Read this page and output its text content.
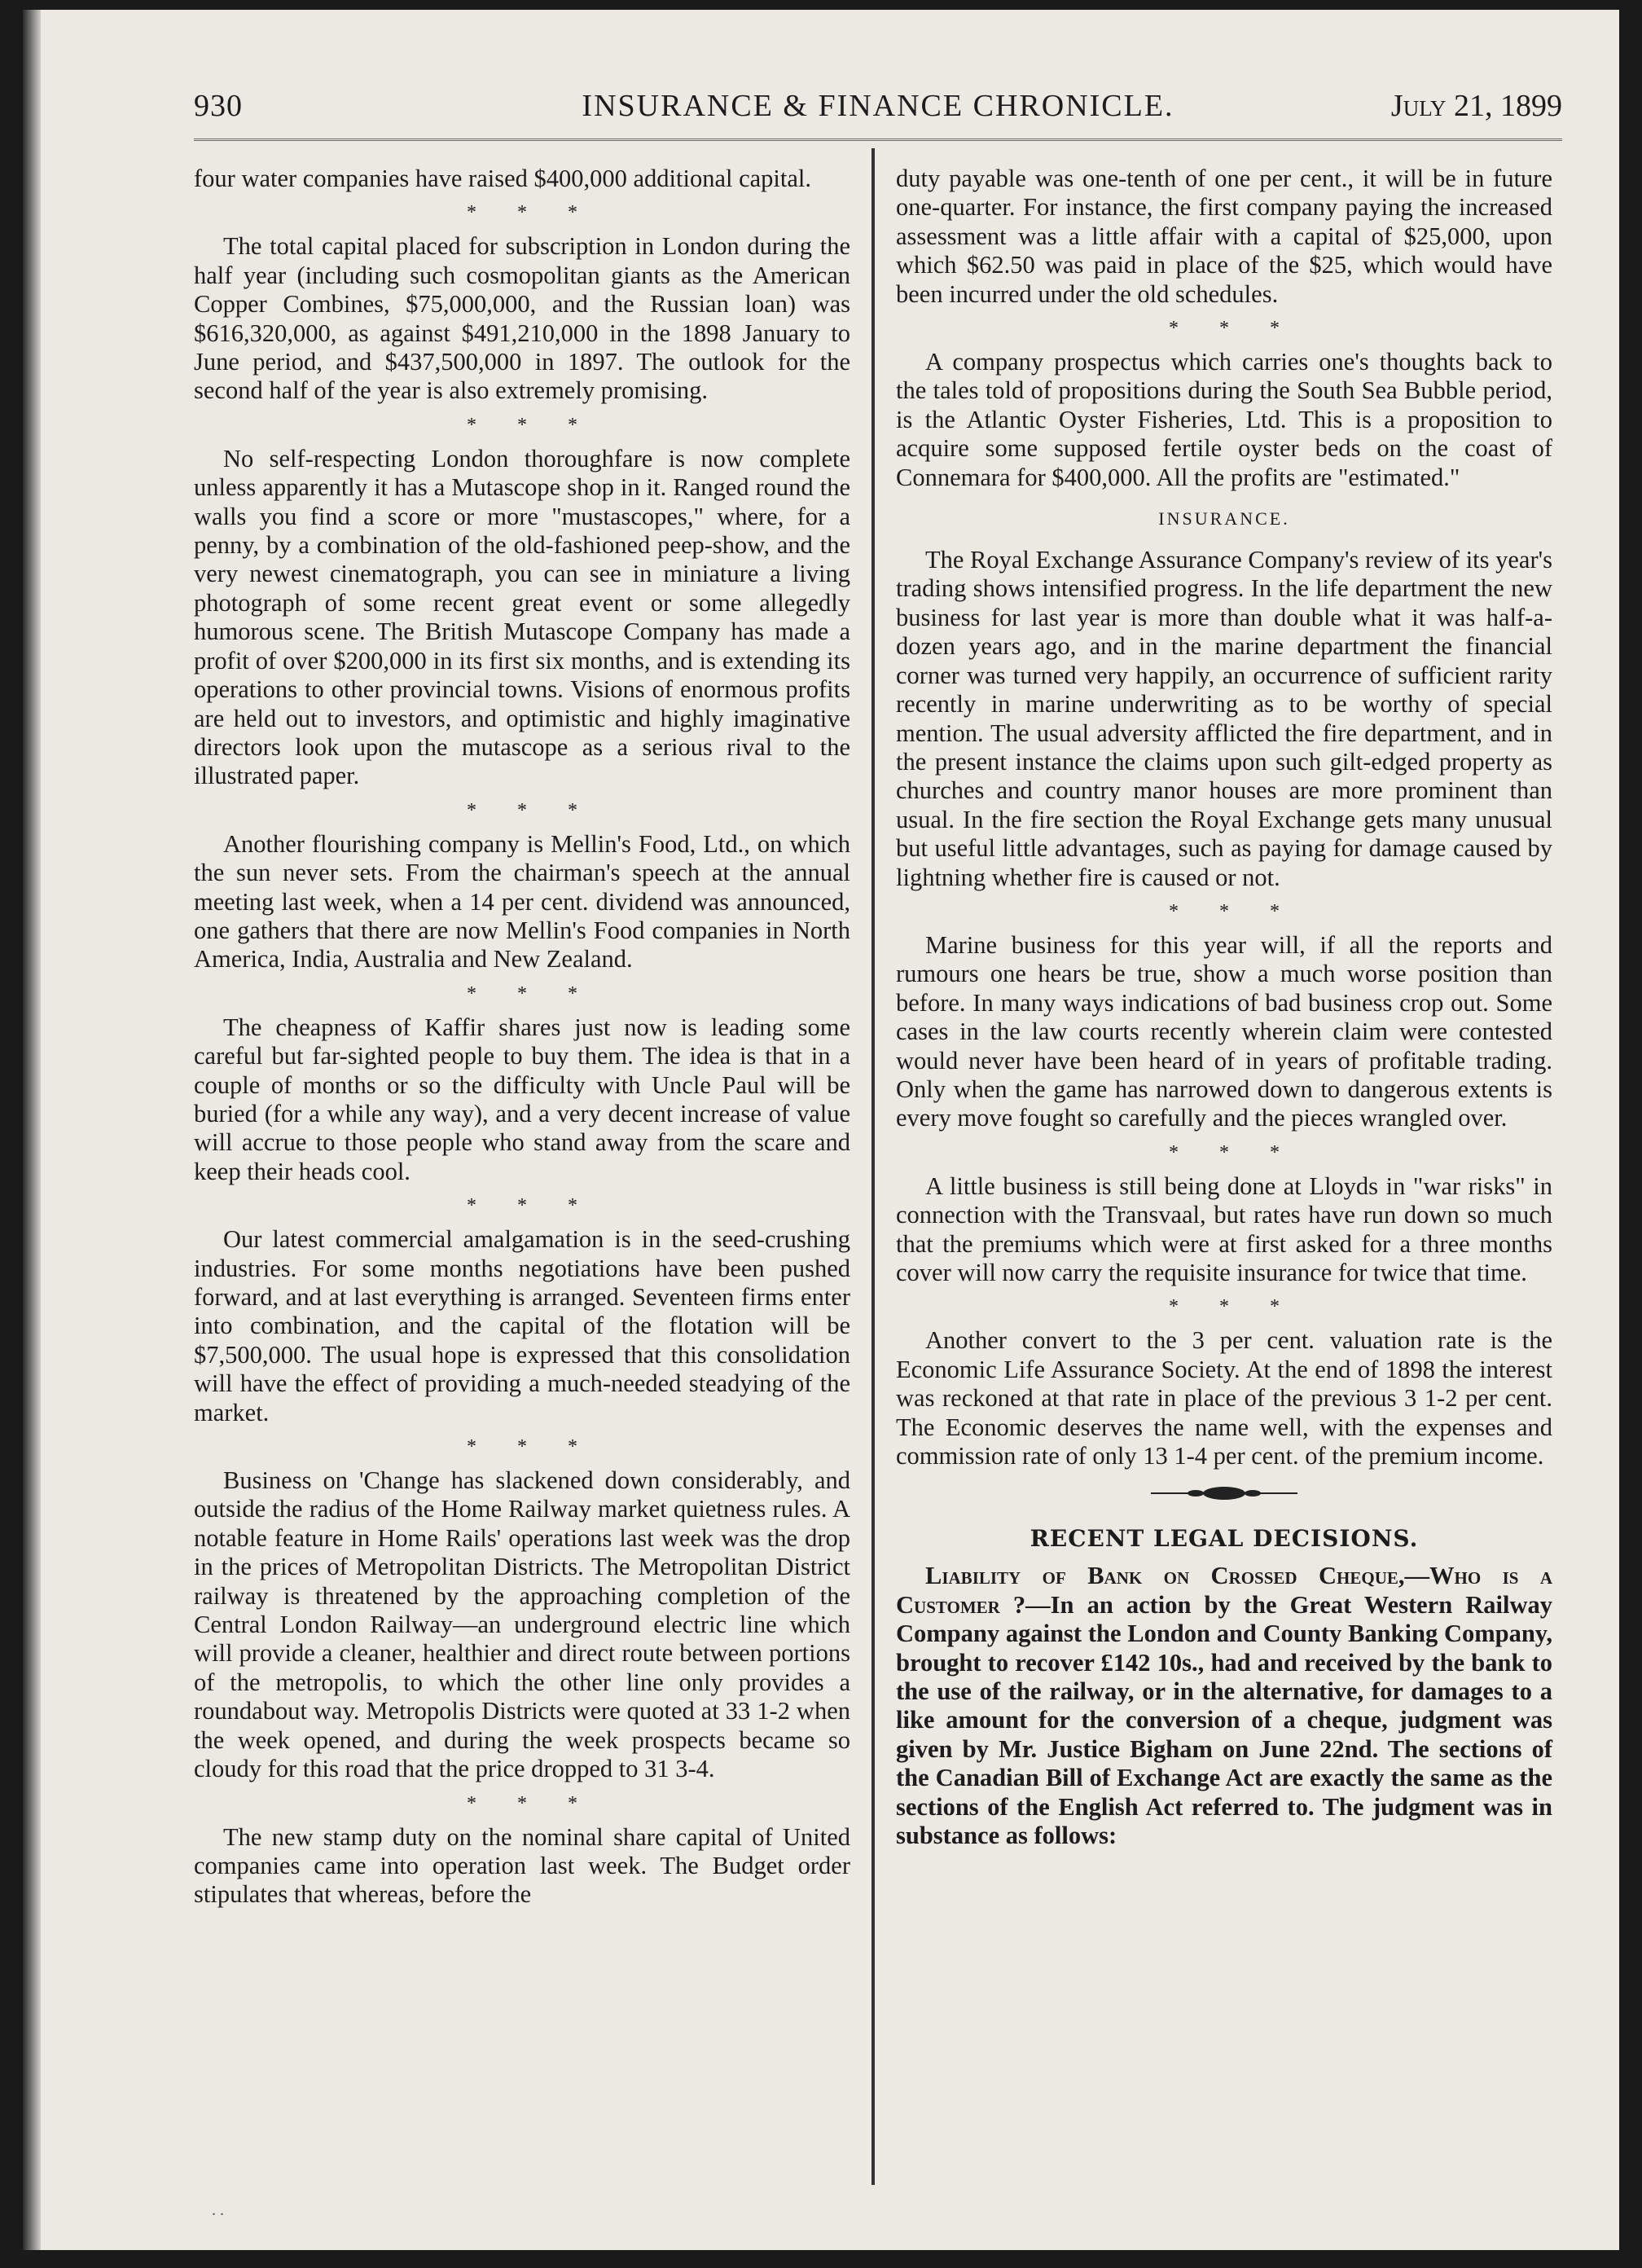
930	INSURANCE & FINANCE CHRONICLE.	July 21, 1899

four water companies have raised $400,000 additional capital.

* * *

The total capital placed for subscription in London during the half year (including such cosmopolitan giants as the American Copper Combines, $75,000,000, and the Russian loan) was $616,320,000, as against $491,210,000 in the 1898 January to June period, and $437,500,000 in 1897. The outlook for the second half of the year is also extremely promising.

* * *

No self-respecting London thoroughfare is now complete unless apparently it has a Mutascope shop in it. Ranged round the walls you find a score or more "mustascopes," where, for a penny, by a combination of the old-fashioned peep-show, and the very newest cinematograph, you can see in miniature a living photograph of some recent great event or some allegedly humorous scene. The British Mutascope Company has made a profit of over $200,000 in its first six months, and is extending its operations to other provincial towns. Visions of enormous profits are held out to investors, and optimistic and highly imaginative directors look upon the mutascope as a serious rival to the illustrated paper.

* * *

Another flourishing company is Mellin's Food, Ltd., on which the sun never sets. From the chairman's speech at the annual meeting last week, when a 14 per cent. dividend was announced, one gathers that there are now Mellin's Food companies in North America, India, Australia and New Zealand.

* * *

The cheapness of Kaffir shares just now is leading some careful but far-sighted people to buy them. The idea is that in a couple of months or so the difficulty with Uncle Paul will be buried (for a while any way), and a very decent increase of value will accrue to those people who stand away from the scare and keep their heads cool.

* * *

Our latest commercial amalgamation is in the seed-crushing industries. For some months negotiations have been pushed forward, and at last everything is arranged. Seventeen firms enter into combination, and the capital of the flotation will be $7,500,000. The usual hope is expressed that this consolidation will have the effect of providing a much-needed steadying of the market.

* * *

Business on 'Change has slackened down considerably, and outside the radius of the Home Railway market quietness rules. A notable feature in Home Rails' operations last week was the drop in the prices of Metropolitan Districts. The Metropolitan District railway is threatened by the approaching completion of the Central London Railway—an underground electric line which will provide a cleaner, healthier and direct route between portions of the metropolis, to which the other line only provides a roundabout way. Metropolis Districts were quoted at 33 1-2 when the week opened, and during the week prospects became so cloudy for this road that the price dropped to 31 3-4.

* * *

The new stamp duty on the nominal share capital of United companies came into operation last week. The Budget order stipulates that whereas, before the

duty payable was one-tenth of one per cent., it will be in future one-quarter. For instance, the first company paying the increased assessment was a little affair with a capital of $25,000, upon which $62.50 was paid in place of the $25, which would have been incurred under the old schedules.

* * *

A company prospectus which carries one's thoughts back to the tales told of propositions during the South Sea Bubble period, is the Atlantic Oyster Fisheries, Ltd. This is a proposition to acquire some supposed fertile oyster beds on the coast of Connemara for $400,000. All the profits are "estimated."

INSURANCE.

The Royal Exchange Assurance Company's review of its year's trading shows intensified progress. In the life department the new business for last year is more than double what it was half-a-dozen years ago, and in the marine department the financial corner was turned very happily, an occurrence of sufficient rarity recently in marine underwriting as to be worthy of special mention. The usual adversity afflicted the fire department, and in the present instance the claims upon such gilt-edged property as churches and country manor houses are more prominent than usual. In the fire section the Royal Exchange gets many unusual but useful little advantages, such as paying for damage caused by lightning whether fire is caused or not.

* * *

Marine business for this year will, if all the reports and rumours one hears be true, show a much worse position than before. In many ways indications of bad business crop out. Some cases in the law courts recently wherein claim were contested would never have been heard of in years of profitable trading. Only when the game has narrowed down to dangerous extents is every move fought so carefully and the pieces wrangled over.

* * *

A little business is still being done at Lloyds in "war risks" in connection with the Transvaal, but rates have run down so much that the premiums which were at first asked for a three months cover will now carry the requisite insurance for twice that time.

* * *

Another convert to the 3 per cent. valuation rate is the Economic Life Assurance Society. At the end of 1898 the interest was reckoned at that rate in place of the previous 3 1-2 per cent. The Economic deserves the name well, with the expenses and commission rate of only 13 1-4 per cent. of the premium income.

RECENT LEGAL DECISIONS.

Liability of Bank on Crossed Cheque,—Who is a Customer ?—In an action by the Great Western Railway Company against the London and County Banking Company, brought to recover £142 10s., had and received by the bank to the use of the railway, or in the alternative, for damages to a like amount for the conversion of a cheque, judgment was given by Mr. Justice Bigham on June 22nd. The sections of the Canadian Bill of Exchange Act are exactly the same as the sections of the English Act referred to. The judgment was in substance as follows:

. .
